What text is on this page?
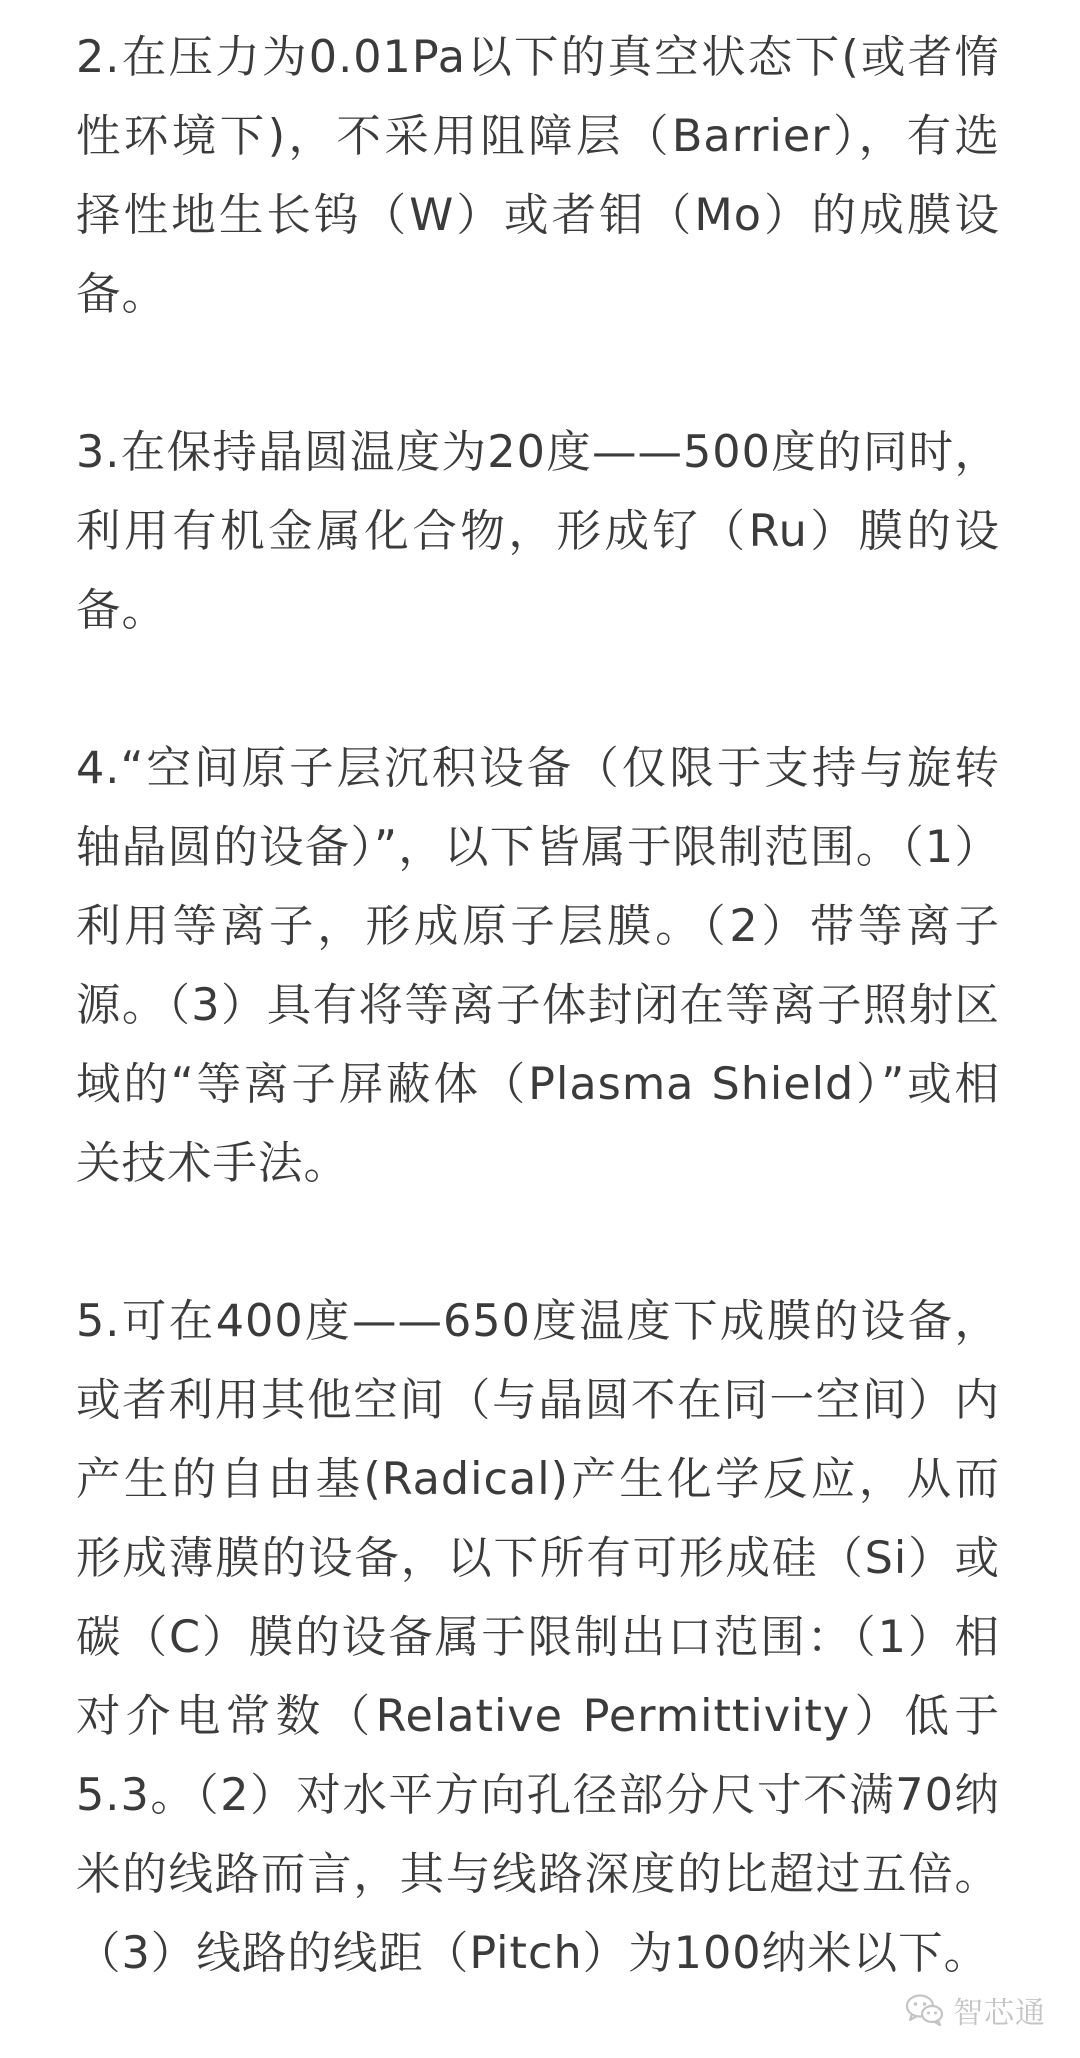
2.在压力为0.01Pa以下的真空状态下(或者惰性环境下)，不采用阻障层（Barrier），有选择性地生长钨（W）或者钼（Mo）的成膜设备。

3.在保持晶圆温度为20度——500度的同时，利用有机金属化合物，形成钌（Ru）膜的设备。

4.“空间原子层沉积设备（仅限于支持与旋转轴晶圆的设备）”，以下皆属于限制范围。（1）利用等离子，形成原子层膜。（2）带等离子源。（3）具有将等离子体封闭在等离子照射区域的“等离子屏蔽体（Plasma Shield）”或相关技术手法。

5.可在400度——650度温度下成膜的设备，或者利用其他空间（与晶圆不在同一空间）内产生的自由基(Radical)产生化学反应，从而形成薄膜的设备，以下所有可形成硅（Si）或碳（C）膜的设备属于限制出口范围：（1）相对介电常数（Relative Permittivity）低于5.3。（2）对水平方向孔径部分尺寸不满70纳米的线路而言，其与线路深度的比超过五倍。（3）线路的线距（Pitch）为100纳米以下。

智芯通
